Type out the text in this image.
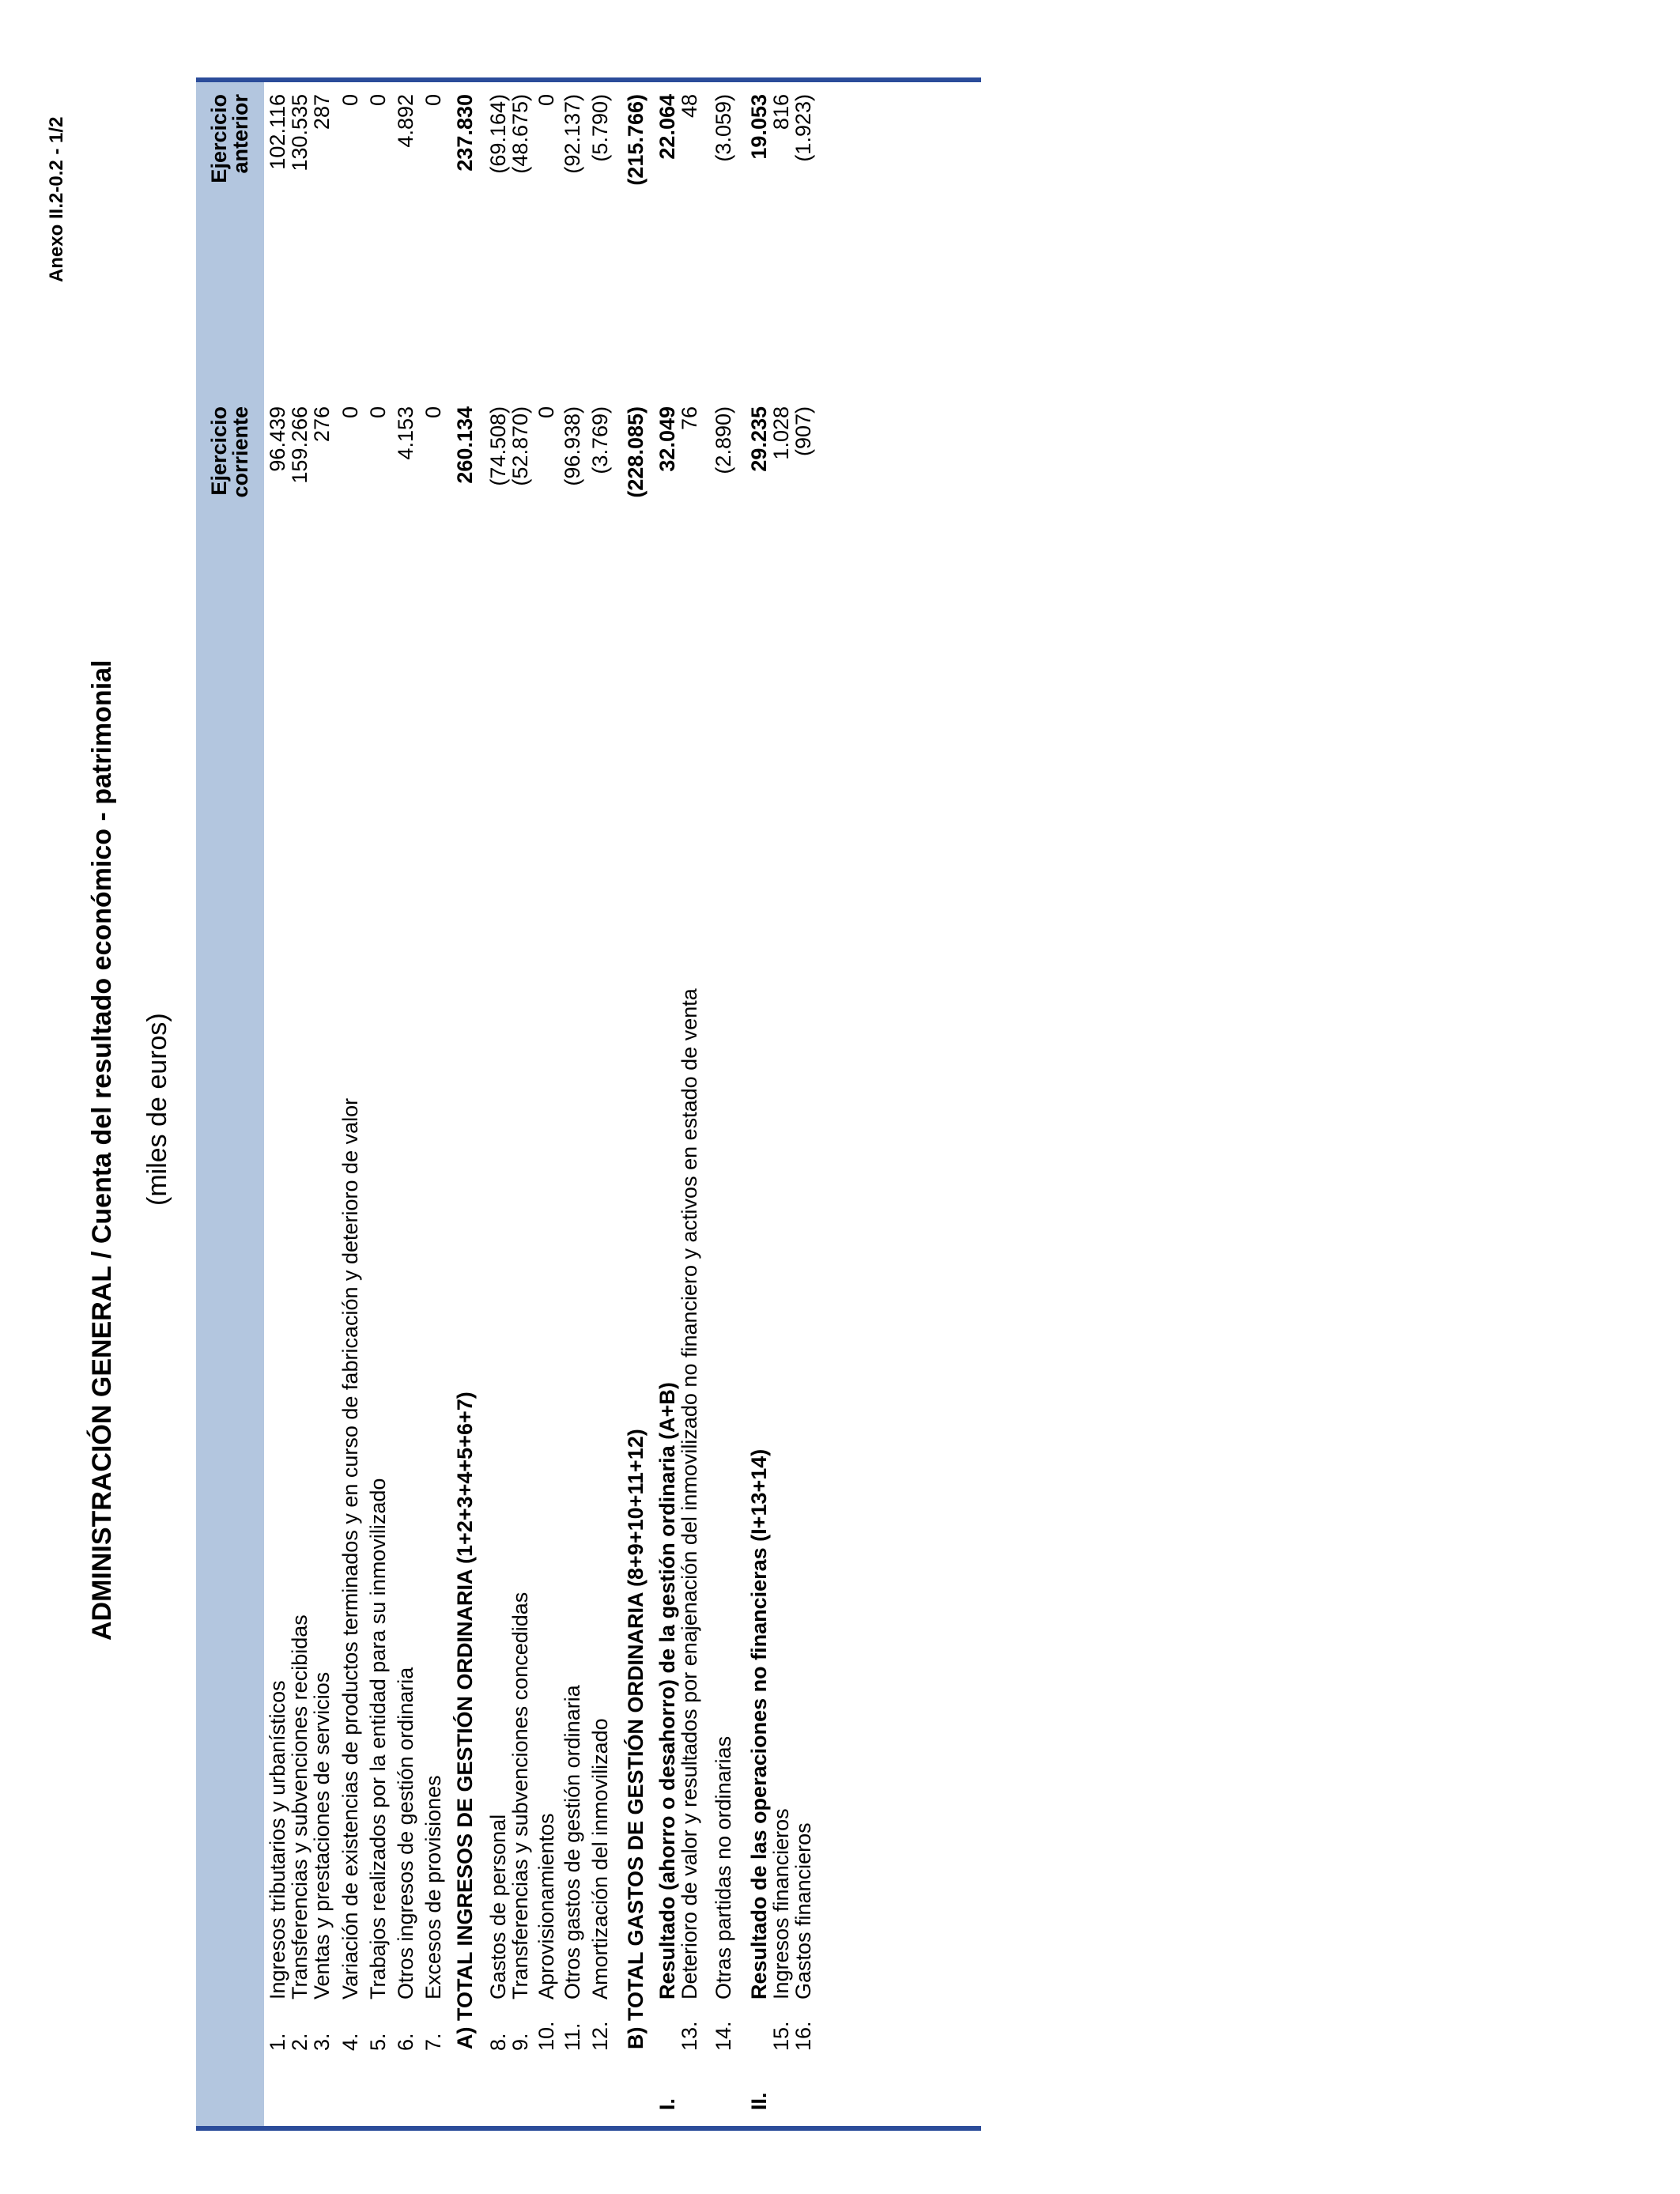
Anexo II.2-0.2 - 1/2
ADMINISTRACIÓN GENERAL / Cuenta del resultado económico - patrimonial (miles de euros)
Ejercicio
corriente
Ejercicio
anterior
1.
Ingresos tributarios y urbanísticos
96.439
102.116
2.
Transferencias y subvenciones recibidas
159.266
130.535
3.
Ventas y prestaciones de servicios
276
287
4.
Variación de existencias de productos terminados y en curso de fabricación y deterioro de valor
0
0
5.
Trabajos realizados por la entidad para su inmovilizado
0
0
6.
Otros ingresos de gestión ordinaria
4.153
4.892
7.
Excesos de provisiones
0
0
A) TOTAL INGRESOS DE GESTIÓN ORDINARIA (1+2+3+4+5+6+7)
260.134
237.830
8.
Gastos de personal
(74.508)
(69.164)
9.
Transferencias y subvenciones concedidas
(52.870)
(48.675)
10.
Aprovisionamientos
0
0
11.
Otros gastos de gestión ordinaria
(96.938)
(92.137)
12.
Amortización del inmovilizado
(3.769)
(5.790)
B) TOTAL GASTOS DE GESTIÓN ORDINARIA (8+9+10+11+12)
(228.085)
(215.766)
I.
Resultado (ahorro o desahorro) de la gestión ordinaria (A+B)
32.049
22.064
13.
Deterioro de valor y resultados por enajenación del inmovilizado no financiero y activos en estado de venta
76
48
14.
Otras partidas no ordinarias
(2.890)
(3.059)
II.
Resultado de las operaciones no financieras (I+13+14)
29.235
19.053
15.
Ingresos financieros
1.028
816
16.
Gastos financieros
(907)
(1.923)
